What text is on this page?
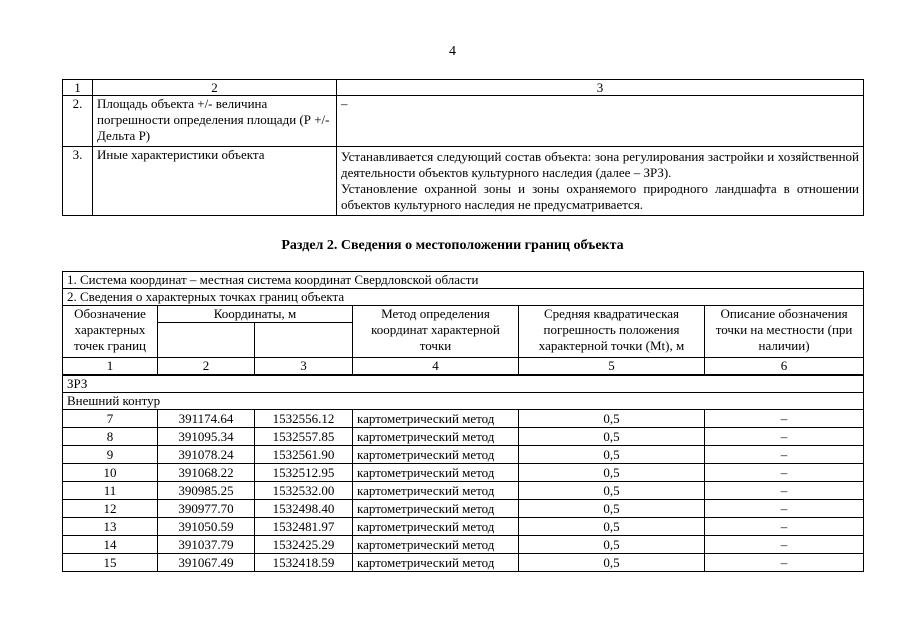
4
1	2	3
2.	Площадь объекта +/- величина погрешности определения площади (Р +/- Дельта Р)	–
3.	Иные характеристики объекта	Устанавливается следующий состав объекта: зона регулирования застройки и хозяйственной деятельности объектов культурного наследия (далее – ЗРЗ).
Установление охранной зоны и зоны охраняемого природного ландшафта в отношении объектов культурного наследия не предусматривается.
Раздел 2. Сведения о местоположении границ объекта
1. Система координат – местная система координат Свердловской области					
2. Сведения о характерных точках границ объекта					
Обозначение характерных точек границ	Координаты, м		Метод определения координат характерной точки	Средняя квадратическая погрешность положения характерной точки (Mt), м	Описание обозначения точки на местности (при наличии)

1	2	3	4	5	6
ЗРЗ					
Внешний контур					
7	391174.64	1532556.12	картометрический метод	0,5	–
8	391095.34	1532557.85	картометрический метод	0,5	–
9	391078.24	1532561.90	картометрический метод	0,5	–
10	391068.22	1532512.95	картометрический метод	0,5	–
11	390985.25	1532532.00	картометрический метод	0,5	–
12	390977.70	1532498.40	картометрический метод	0,5	–
13	391050.59	1532481.97	картометрический метод	0,5	–
14	391037.79	1532425.29	картометрический метод	0,5	–
15	391067.49	1532418.59	картометрический метод	0,5	–
